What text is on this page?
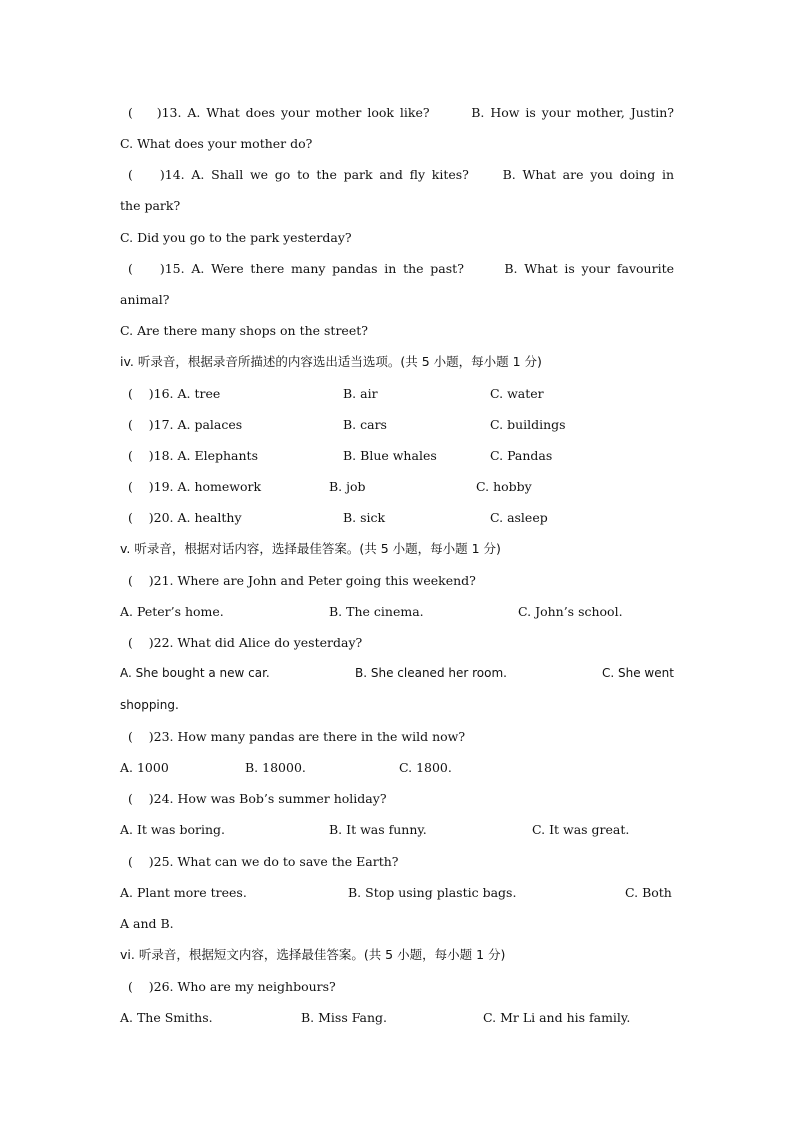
(    )13. A. What does your mother look like?       B. How is your mother, Justin?
C. What does your mother do?
(    )14. A. Shall we go to the park and fly kites?     B. What are you doing in
the park?
C. Did you go to the park yesterday?
(    )15. A. Were there many pandas in the past?      B. What is your favourite
animal?
C. Are there many shops on the street?
iv. 听录音，根据录音所描述的内容选出适当选项。(共 5 小题，每小题 1 分)
(    )16. A. tree	B. air	C. water
(    )17. A. palaces	B. cars	C. buildings
(    )18. A. Elephants	B. Blue whales	C. Pandas
(    )19. A. homework	B. job	C. hobby
(    )20. A. healthy	B. sick	C. asleep
v. 听录音，根据对话内容，选择最佳答案。(共 5 小题，每小题 1 分)
(    )21. Where are John and Peter going this weekend?
A. Peter’s home.	B. The cinema.	C. John’s school.
(    )22. What did Alice do yesterday?
A. She bought a new car.	B. She cleaned her room.	C. She went
shopping.
(    )23. How many pandas are there in the wild now?
A. 1000	B. 18000.	C. 1800.
(    )24. How was Bob’s summer holiday?
A. It was boring.	B. It was funny.	C. It was great.
(    )25. What can we do to save the Earth?
A. Plant more trees.	B. Stop using plastic bags.	C. Both
A and B.
vi. 听录音，根据短文内容，选择最佳答案。(共 5 小题，每小题 1 分)
(    )26. Who are my neighbours?
A. The Smiths.	B. Miss Fang.	C. Mr Li and his family.
